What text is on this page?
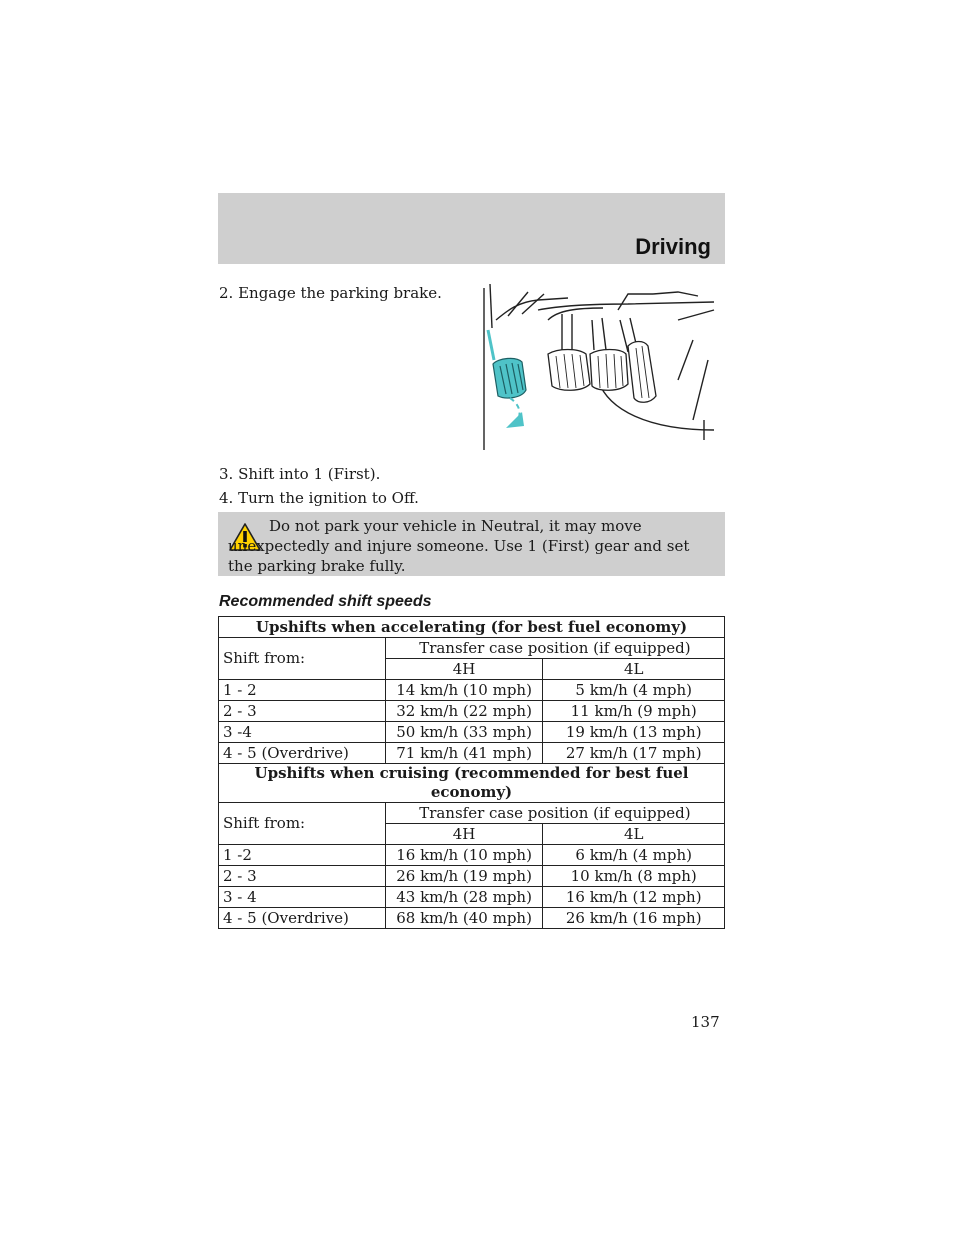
Driving
2. Engage the parking brake.
3. Shift into 1 (First).
4. Turn the ignition to Off.

Do not park your vehicle in Neutral, it may move unexpectedly and injure someone. Use 1 (First) gear and set the parking brake fully.

Recommended shift speeds
Upshifts when accelerating (for best fuel economy)		
Shift from:	Transfer case position (if equipped)	
	4H	4L
1 - 2	14 km/h (10 mph)	5 km/h (4 mph)
2 - 3	32 km/h (22 mph)	11 km/h (9 mph)
3 -4	50 km/h (33 mph)	19 km/h (13 mph)
4 - 5 (Overdrive)	71 km/h (41 mph)	27 km/h (17 mph)
Upshifts when cruising (recommended for best fuel economy)		
Shift from:	Transfer case position (if equipped)	
	4H	4L
1 -2	16 km/h (10 mph)	6 km/h (4 mph)
2 - 3	26 km/h (19 mph)	10 km/h (8 mph)
3 - 4	43 km/h (28 mph)	16 km/h (12 mph)
4 - 5 (Overdrive)	68 km/h (40 mph)	26 km/h (16 mph)
137
